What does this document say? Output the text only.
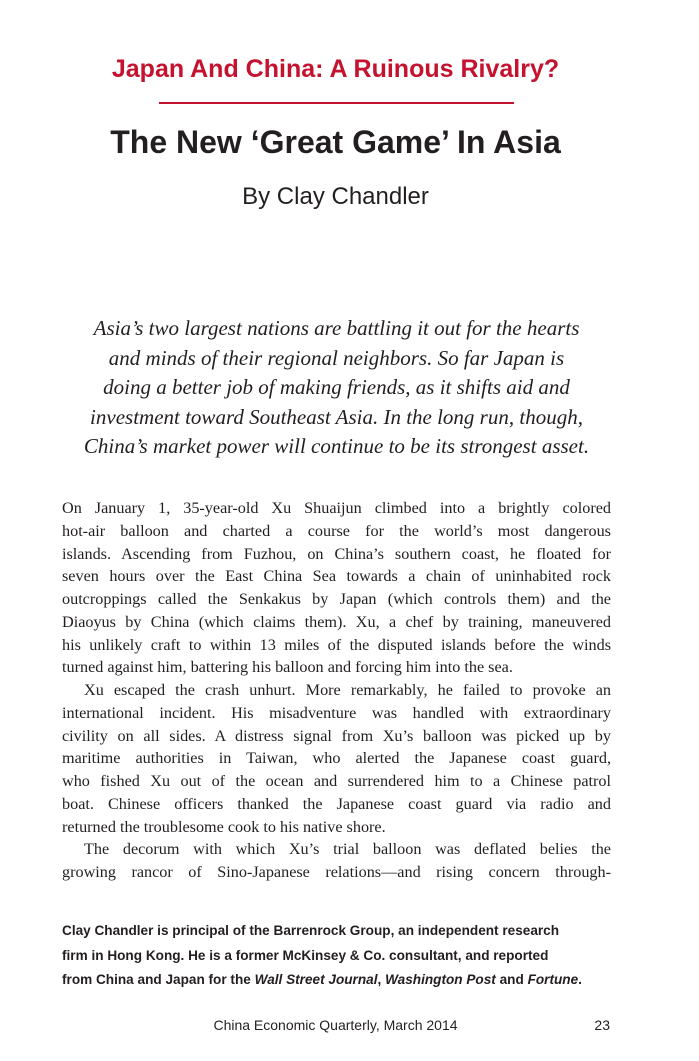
Japan And China: A Ruinous Rivalry?
The New ‘Great Game’ In Asia
By Clay Chandler
Asia’s two largest nations are battling it out for the hearts
and minds of their regional neighbors. So far Japan is
doing a better job of making friends, as it shifts aid and
investment toward Southeast Asia. In the long run, though,
China’s market power will continue to be its strongest asset.
On January 1, 35-year-old Xu Shuaijun climbed into a brightly colored
hot-air balloon and charted a course for the world’s most dangerous
islands. Ascending from Fuzhou, on China’s southern coast, he floated for
seven hours over the East China Sea towards a chain of uninhabited rock
outcroppings called the Senkakus by Japan (which controls them) and the
Diaoyus by China (which claims them). Xu, a chef by training, maneuvered
his unlikely craft to within 13 miles of the disputed islands before the winds
turned against him, battering his balloon and forcing him into the sea.
Xu escaped the crash unhurt. More remarkably, he failed to provoke an
international incident. His misadventure was handled with extraordinary
civility on all sides. A distress signal from Xu’s balloon was picked up by
maritime authorities in Taiwan, who alerted the Japanese coast guard,
who fished Xu out of the ocean and surrendered him to a Chinese patrol
boat. Chinese officers thanked the Japanese coast guard via radio and
returned the troublesome cook to his native shore.
The decorum with which Xu’s trial balloon was deflated belies the
growing rancor of Sino-Japanese relations—and rising concern through-
Clay Chandler is principal of the Barrenrock Group, an independent research
firm in Hong Kong. He is a former McKinsey & Co. consultant, and reported
from China and Japan for the Wall Street Journal, Washington Post and Fortune.
China Economic Quarterly, March 2014	23
